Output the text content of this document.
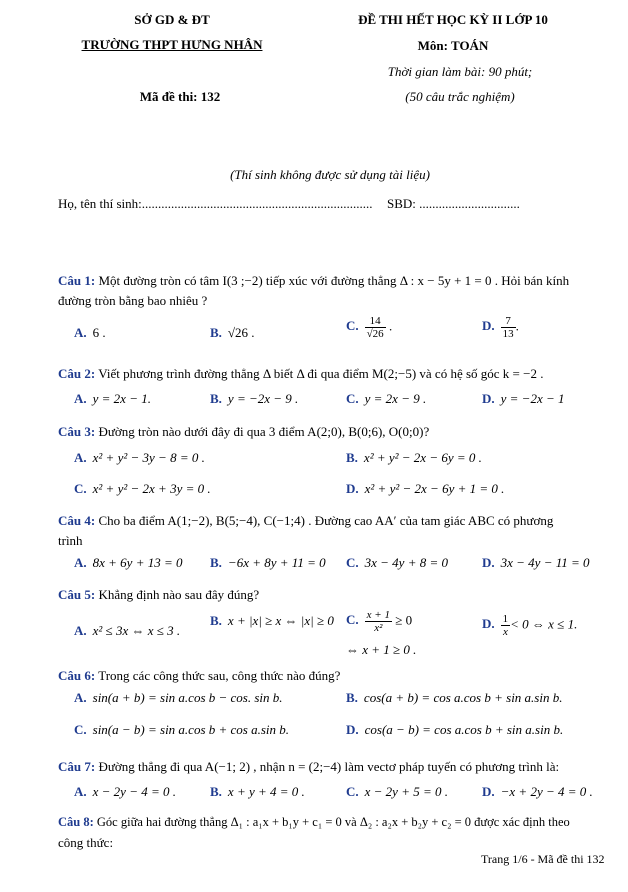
SỞ GD & ĐT
TRƯỜNG THPT HƯNG NHÂN
Mã đề thi: 132
ĐỀ THI HẾT HỌC KỲ II LỚP 10
Môn: TOÁN
Thời gian làm bài: 90 phút;
(50 câu trắc nghiệm)
(Thí sinh không được sử dụng tài liệu)
Họ, tên thí sinh:....................................................................... SBD: ...............................
Câu 1: Một đường tròn có tâm I(3 ;−2) tiếp xúc với đường thẳng Δ : x − 5y + 1 = 0 . Hỏi bán kính
đường tròn bằng bao nhiêu ?
A. 6 .	B. √26 .	C. $\frac{14}{√26}$ .	D. $\frac{7}{13}$ .
Câu 2: Viết phương trình đường thẳng Δ biết Δ đi qua điểm M(2;−5) và có hệ số góc k = −2 .
A. y = 2x − 1.	B. y = −2x − 9 .	C. y = 2x − 9 .	D. y = −2x − 1
Câu 3: Đường tròn nào dưới đây đi qua 3 điểm A(2;0), B(0;6), O(0;0)?
A. x² + y² − 3y − 8 = 0 .	B. x² + y² − 2x − 6y = 0 .
C. x² + y² − 2x + 3y = 0 .	D. x² + y² − 2x − 6y + 1 = 0 .
Câu 4: Cho ba điểm A(1;−2), B(5;−4), C(−1;4) . Đường cao AA′ của tam giác ABC có phương
trình
A. 8x + 6y + 13 = 0 B. −6x + 8y + 11 = 0 C. 3x − 4y + 8 = 0	D. 3x − 4y − 11 = 0
Câu 5: Khẳng định nào sau đây đúng?
A. x² ≤ 3x ⇔ x ≤ 3 .
B. x + |x| ≥ x ⇔ |x| ≥ 0 C. $\frac{x + 1}{\text{x²}} \ge 0$
⇔ x + 1 ≥ 0 .
D. $\frac{1}{x} < 0$ ⇔ x ≤ 1.
Câu 6: Trong các công thức sau, công thức nào đúng?
A. sin(a + b) = sin a.cos b − cos. sin b.	B. cos(a + b) = cos a.cos b + sin a.sin b.
C. sin(a − b) = sin a.cos b + cos a.sin b.	D. cos(a − b) = cos a.cos b + sin a.sin b.
Câu 7: Đường thẳng đi qua A(−1; 2) , nhận n = (2;−4) làm vectơ pháp tuyến có phương trình là:
A. x − 2y − 4 = 0 .	B. x + y + 4 = 0 .	C. x − 2y + 5 = 0 .	D. −x + 2y − 4 = 0 .
Câu 8: Góc giữa hai đường thẳng Δ₁ : a₁x + b₁y + c₁ = 0 và Δ₂ : a₂x + b₂y + c₂ = 0 được xác định theo
công thức:
Trang 1/6 - Mã đề thi 132
